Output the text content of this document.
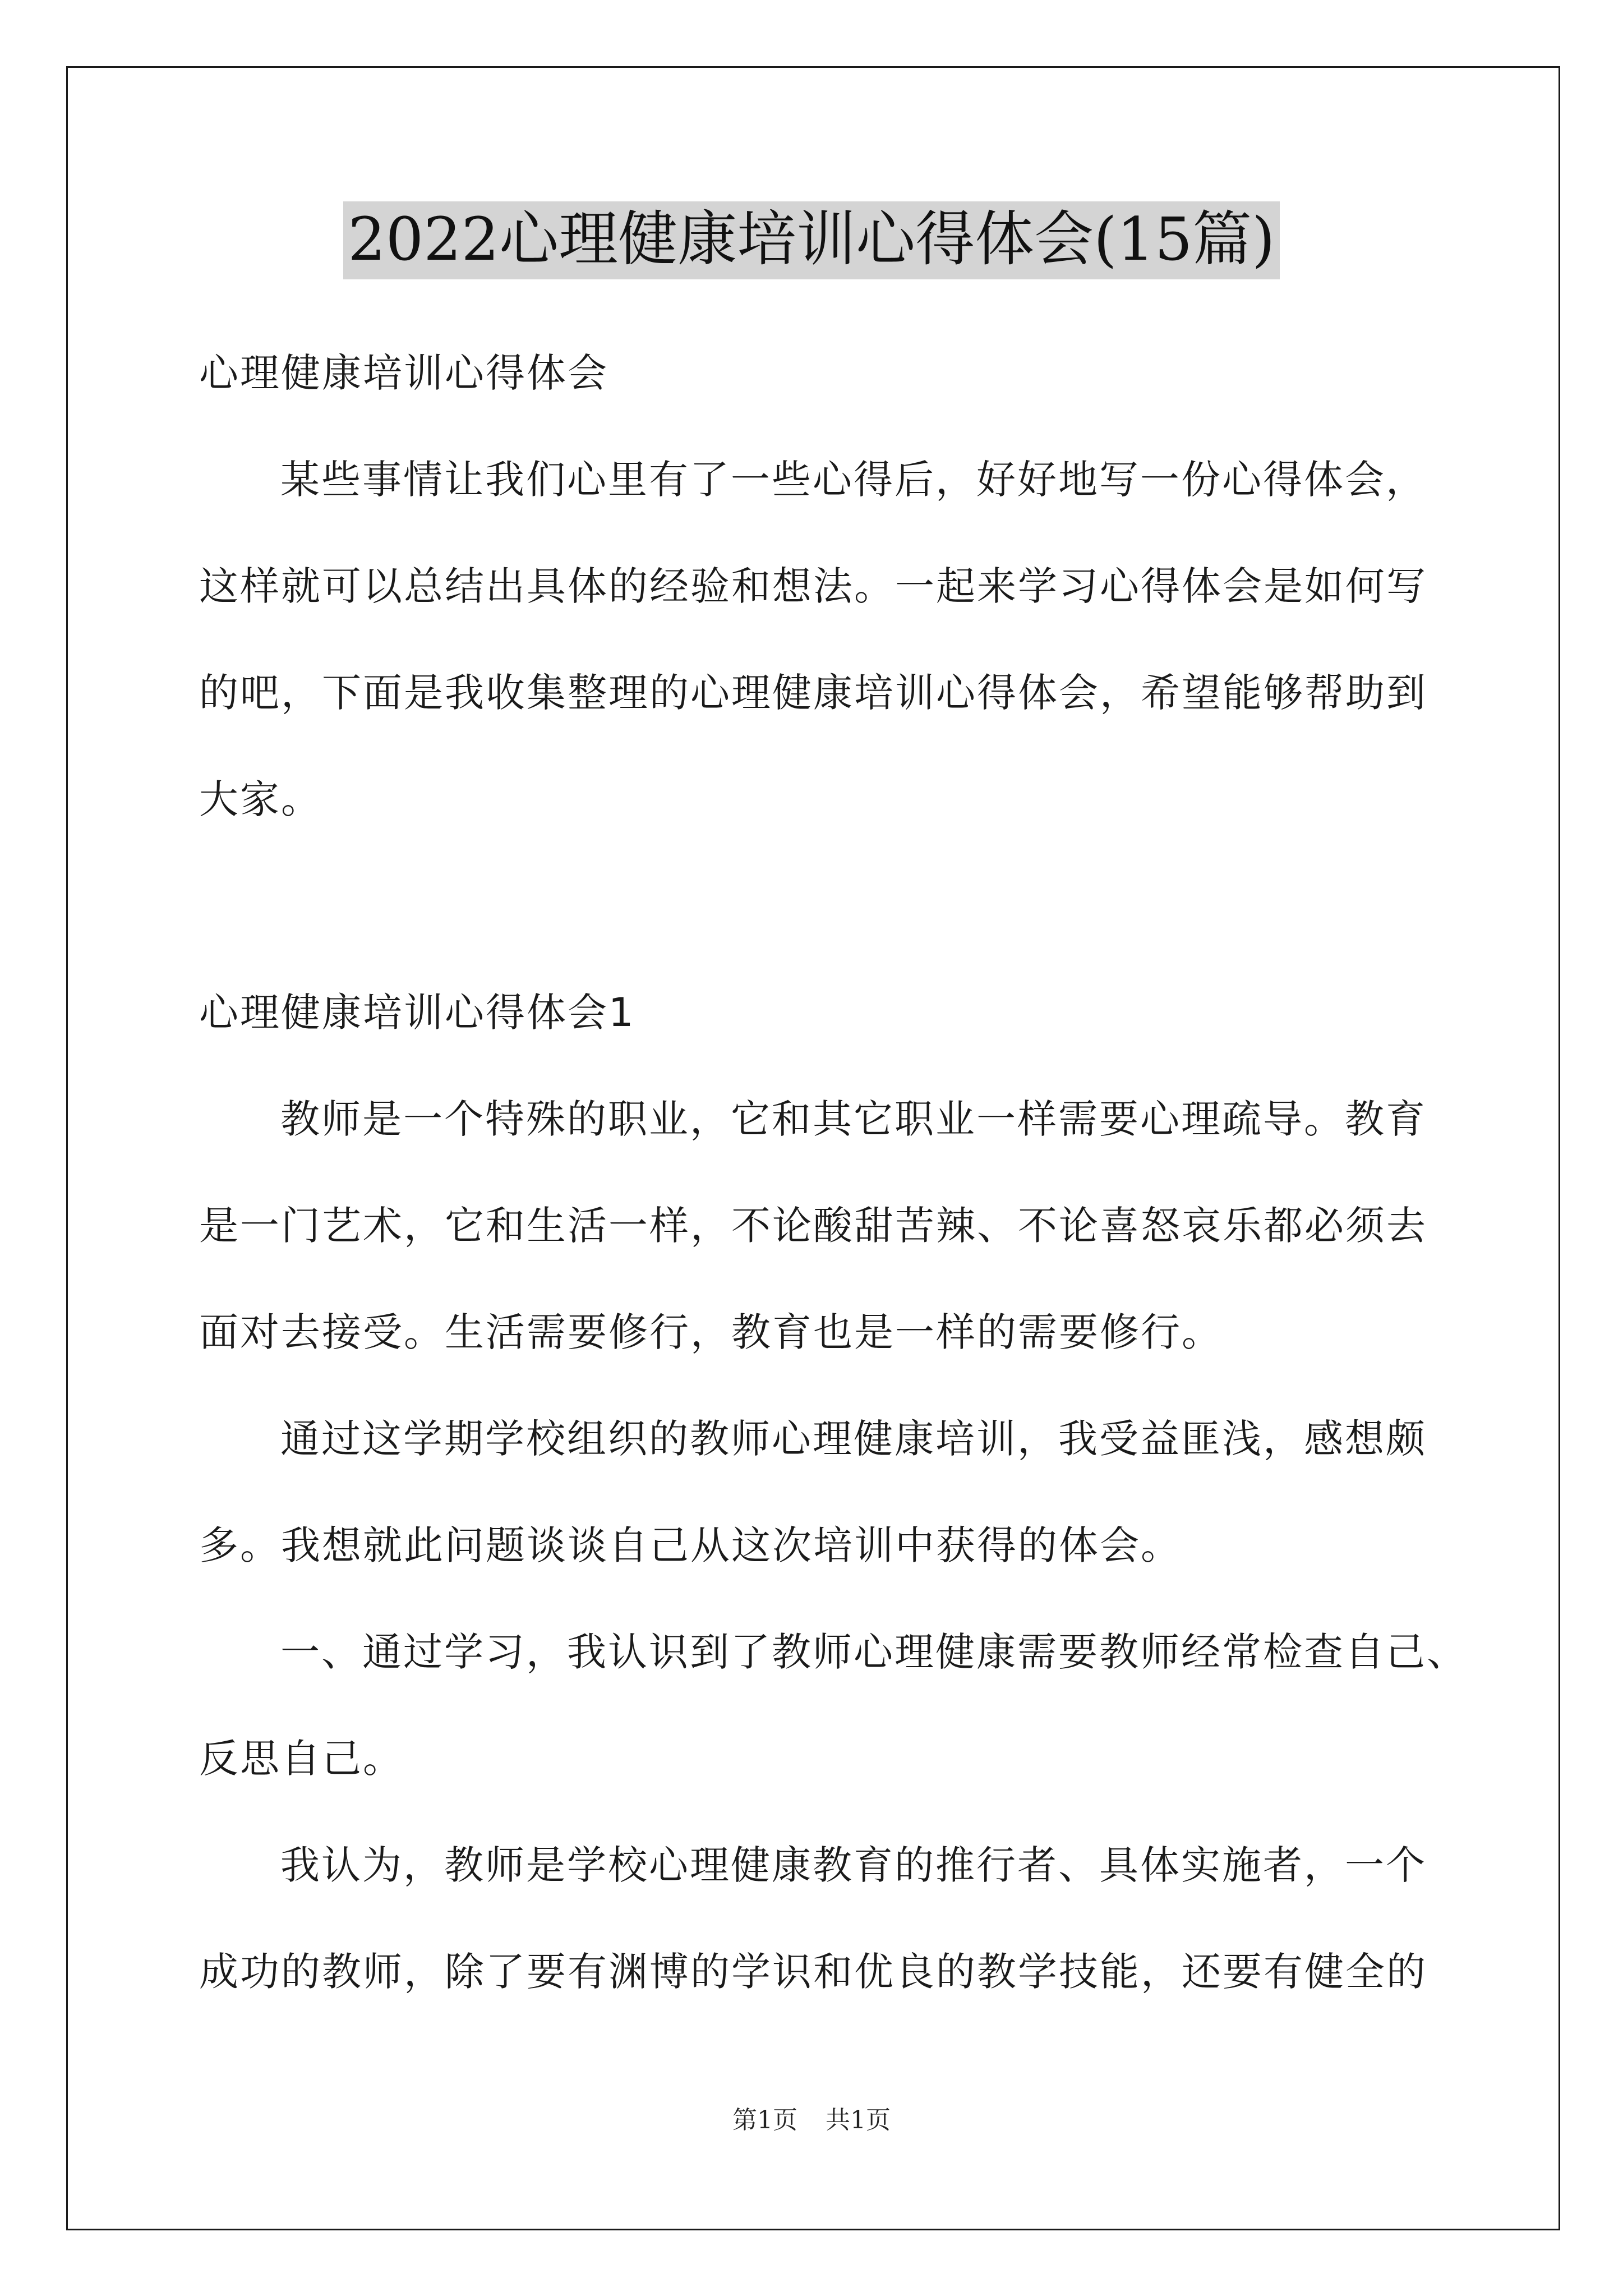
2022心理健康培训心得体会(15篇)

心理健康培训心得体会

某些事情让我们心里有了一些心得后，好好地写一份心得体会，

这样就可以总结出具体的经验和想法。一起来学习心得体会是如何写

的吧，下面是我收集整理的心理健康培训心得体会，希望能够帮助到

大家。

心理健康培训心得体会1

教师是一个特殊的职业，它和其它职业一样需要心理疏导。教育

是一门艺术，它和生活一样，不论酸甜苦辣、不论喜怒哀乐都必须去

面对去接受。生活需要修行，教育也是一样的需要修行。

通过这学期学校组织的教师心理健康培训，我受益匪浅，感想颇

多。我想就此问题谈谈自己从这次培训中获得的体会。

一、通过学习，我认识到了教师心理健康需要教师经常检查自己、

反思自己。

我认为，教师是学校心理健康教育的推行者、具体实施者，一个

成功的教师，除了要有渊博的学识和优良的教学技能，还要有健全的

第1页 共1页
